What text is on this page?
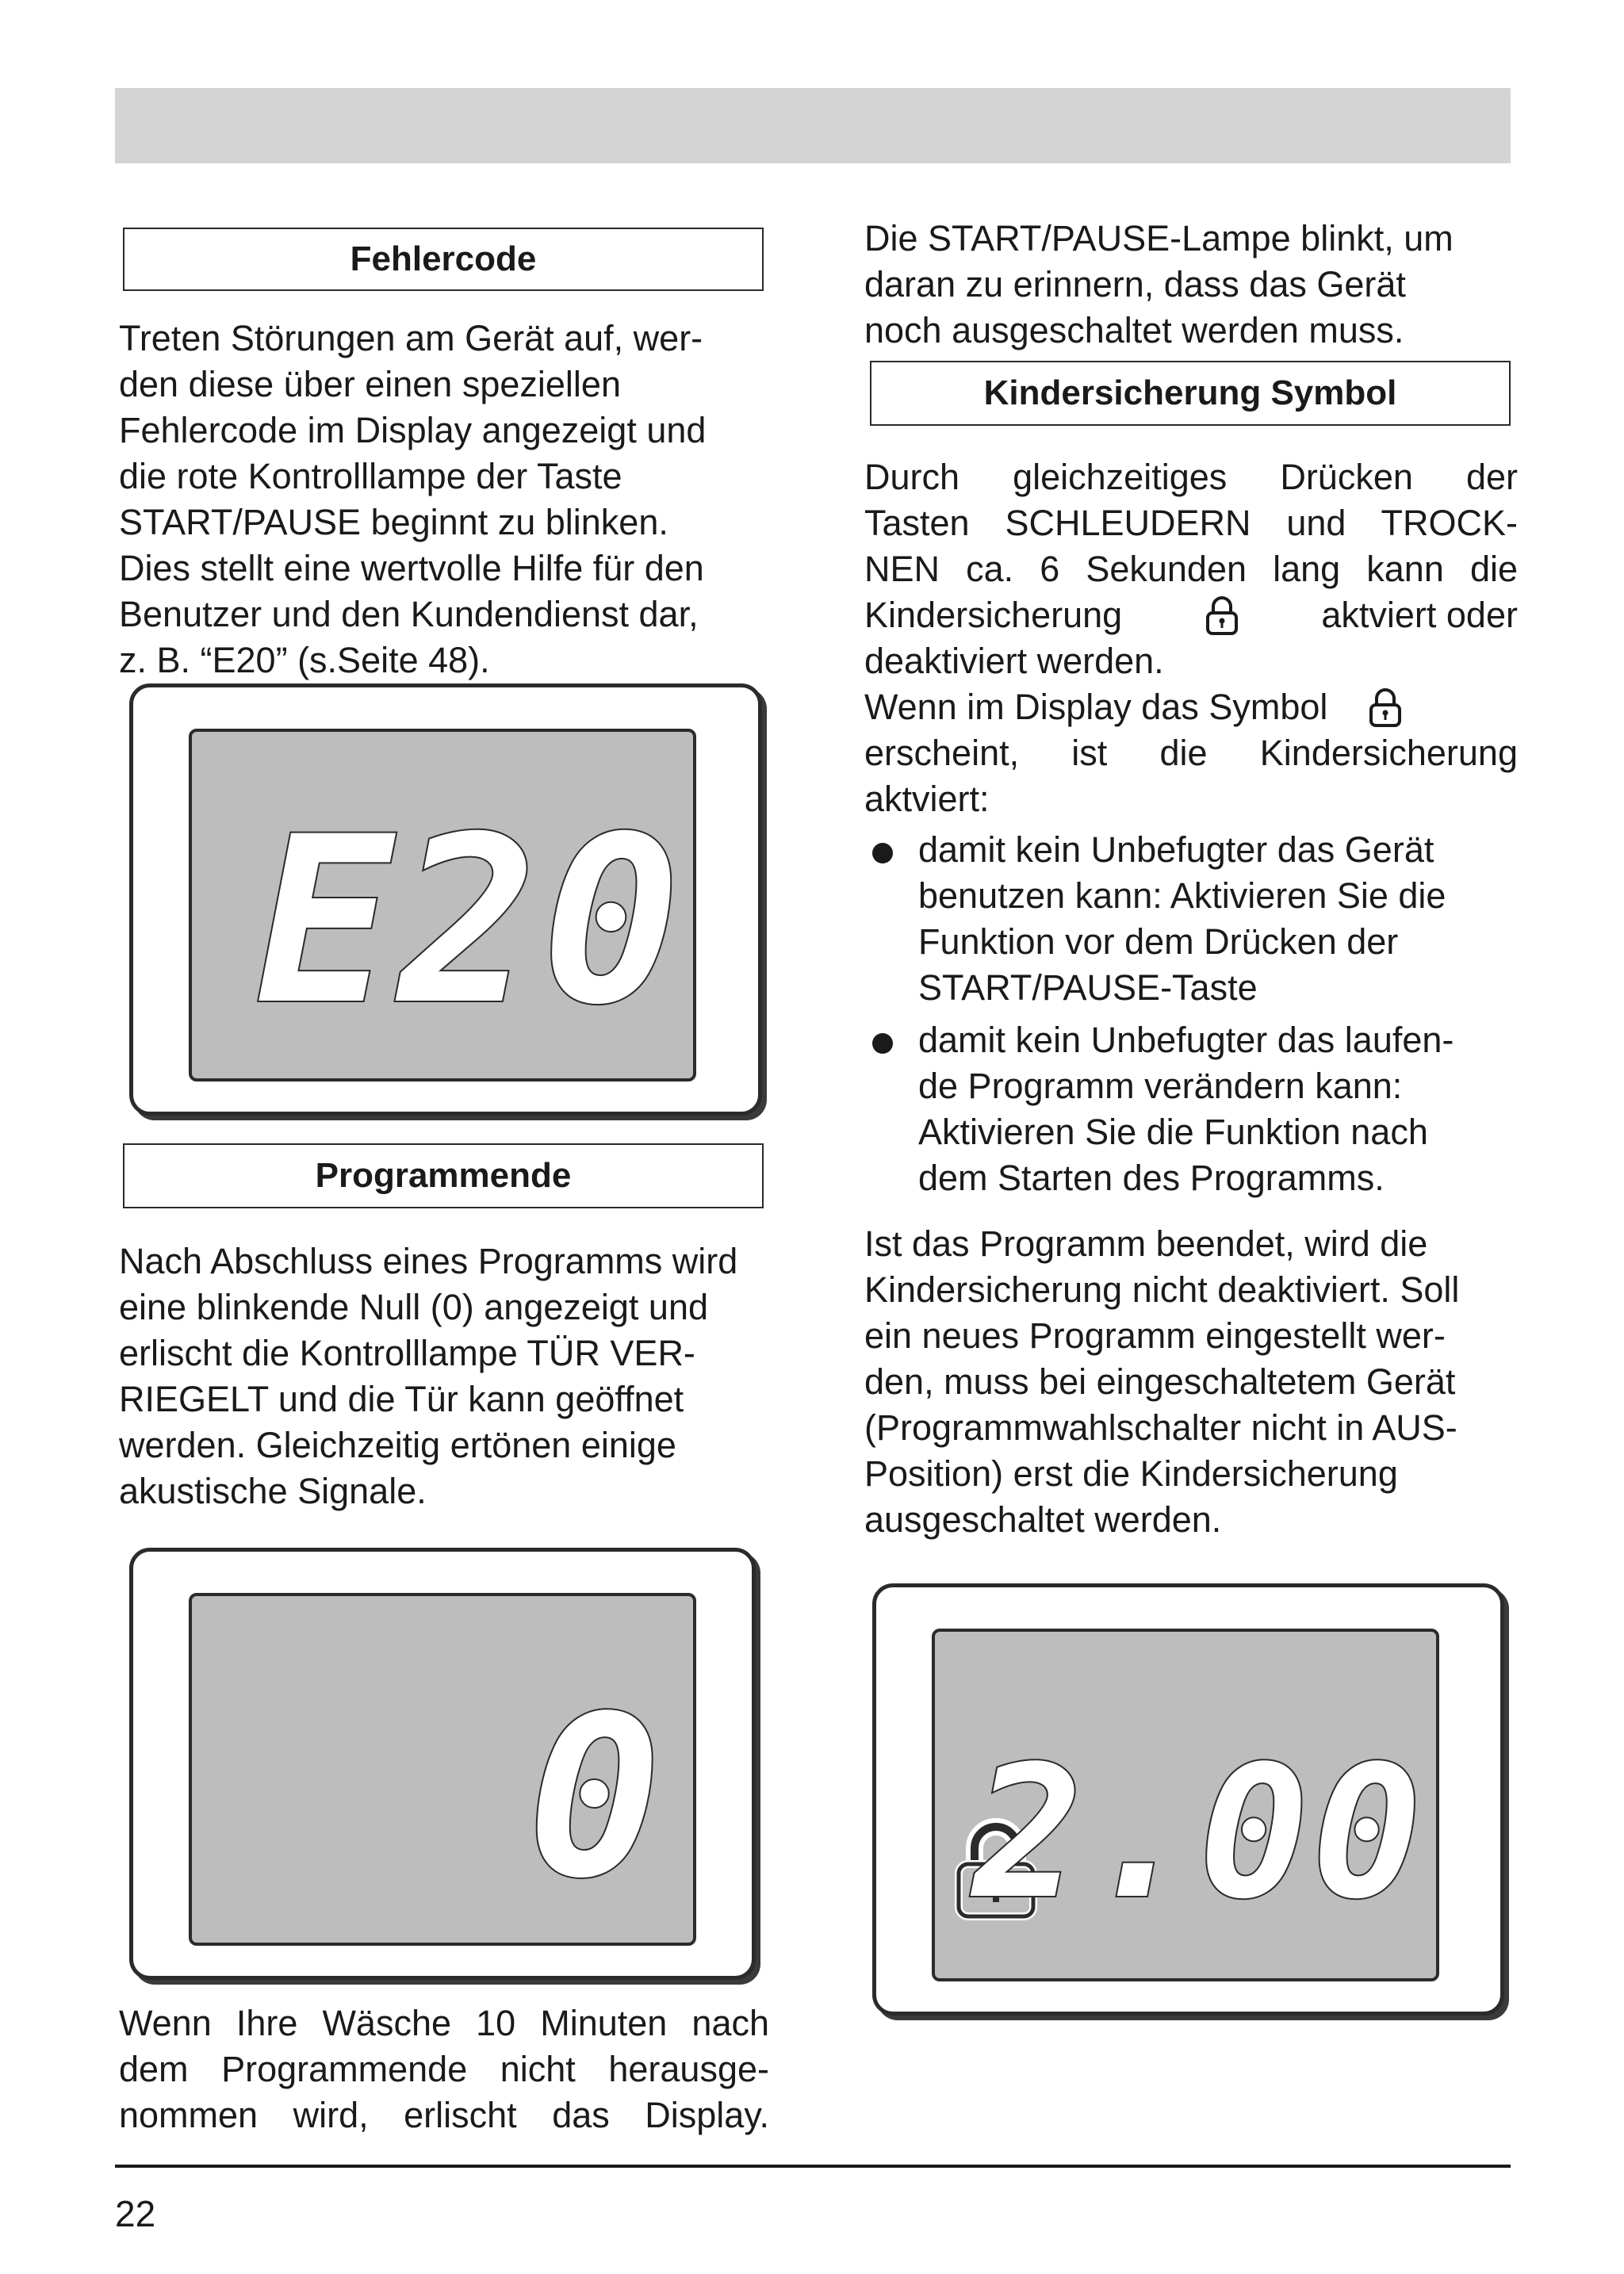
Fehlercode
Treten Störungen am Gerät auf, wer-
den diese über einen speziellen
Fehlercode im Display angezeigt und
die rote Kontrolllampe der Taste
START/PAUSE beginnt zu blinken.
Dies stellt eine wertvolle Hilfe für den
Benutzer und den Kundendienst dar,
z. B. “E20” (s.Seite 48).
E20
Programmende
Nach Abschluss eines Programms wird
eine blinkende Null (0) angezeigt und
erlischt die Kontrolllampe TÜR VER-
RIEGELT und die Tür kann geöffnet
werden. Gleichzeitig ertönen einige
akustische Signale.
0
Wenn Ihre Wäsche 10 Minuten nach
dem Programmende nicht herausge-
nommen wird, erlischt das Display.
Die START/PAUSE-Lampe blinkt, um
daran zu erinnern, dass das Gerät
noch ausgeschaltet werden muss.
Kindersicherung Symbol
Durch gleichzeitiges Drücken der
Tasten SCHLEUDERN und TROCK-
NEN ca. 6 Sekunden lang kann die
Kindersicherung	aktviert oder
deaktiviert werden.
Wenn im Display das Symbol
erscheint, ist die Kindersicherung
aktviert:
damit kein Unbefugter das Gerät
benutzen kann: Aktivieren Sie die
Funktion vor dem Drücken der
START/PAUSE-Taste
damit kein Unbefugter das laufen-
de Programm verändern kann:
Aktivieren Sie die Funktion nach
dem Starten des Programms.
Ist das Programm beendet, wird die
Kindersicherung nicht deaktiviert. Soll
ein neues Programm eingestellt wer-
den, muss bei eingeschaltetem Gerät
(Programmwahlschalter nicht in AUS-
Position) erst die Kindersicherung
ausgeschaltet werden.
2.00
22
